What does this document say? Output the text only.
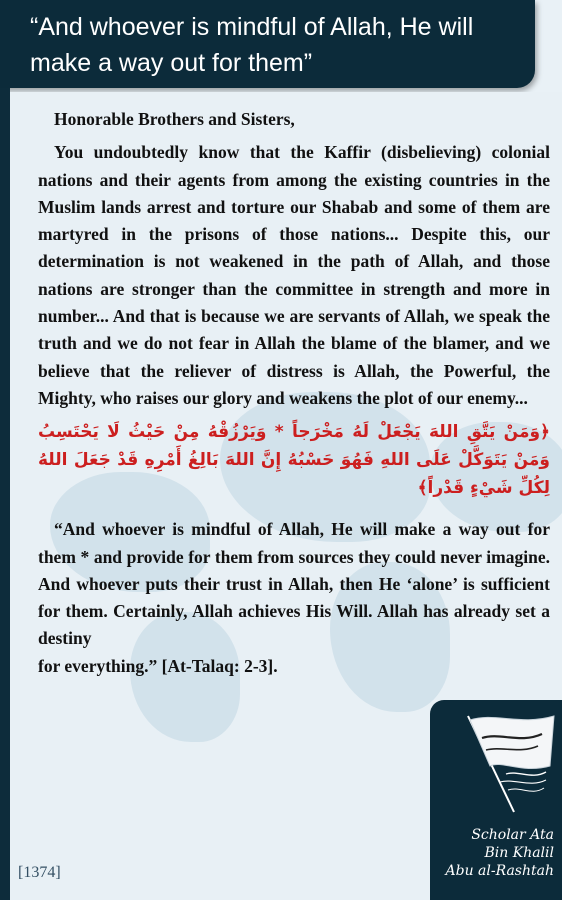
“And whoever is mindful of Allah, He will make a way out for them”

Honorable Brothers and Sisters,

You undoubtedly know that the Kaffir (disbelieving) colonial nations and their agents from among the existing countries in the Muslim lands arrest and torture our Shabab and some of them are martyred in the prisons of those nations... Despite this, our determination is not weakened in the path of Allah, and those nations are stronger than the committee in strength and more in number... And that is because we are servants of Allah, we speak the truth and we do not fear in Allah the blame of the blamer, and we believe that the reliever of distress is Allah, the Powerful, the Mighty, who raises our glory and weakens the plot of our enemy...

﴿وَمَنْ يَتَّقِ اللهَ يَجْعَلْ لَهُ مَخْرَجاً * وَيَرْزُقْهُ مِنْ حَيْثُ لَا يَحْتَسِبُ وَمَنْ يَتَوَكَّلْ عَلَى اللهِ فَهُوَ حَسْبُهُ إِنَّ اللهَ بَالِغُ أَمْرِهِ قَدْ جَعَلَ اللهُ لِكُلِّ شَيْءٍ قَدْراً﴾

“And whoever is mindful of Allah, He will make a way out for them * and provide for them from sources they could never imagine. And whoever puts their trust in Allah, then He ‘alone’ is sufficient for them. Certainly, Allah achieves His Will. Allah has already set a destiny
for everything.” [At-Talaq: 2-3].

Scholar Ata
Bin Khalil
Abu al-Rashtah
[1374]
